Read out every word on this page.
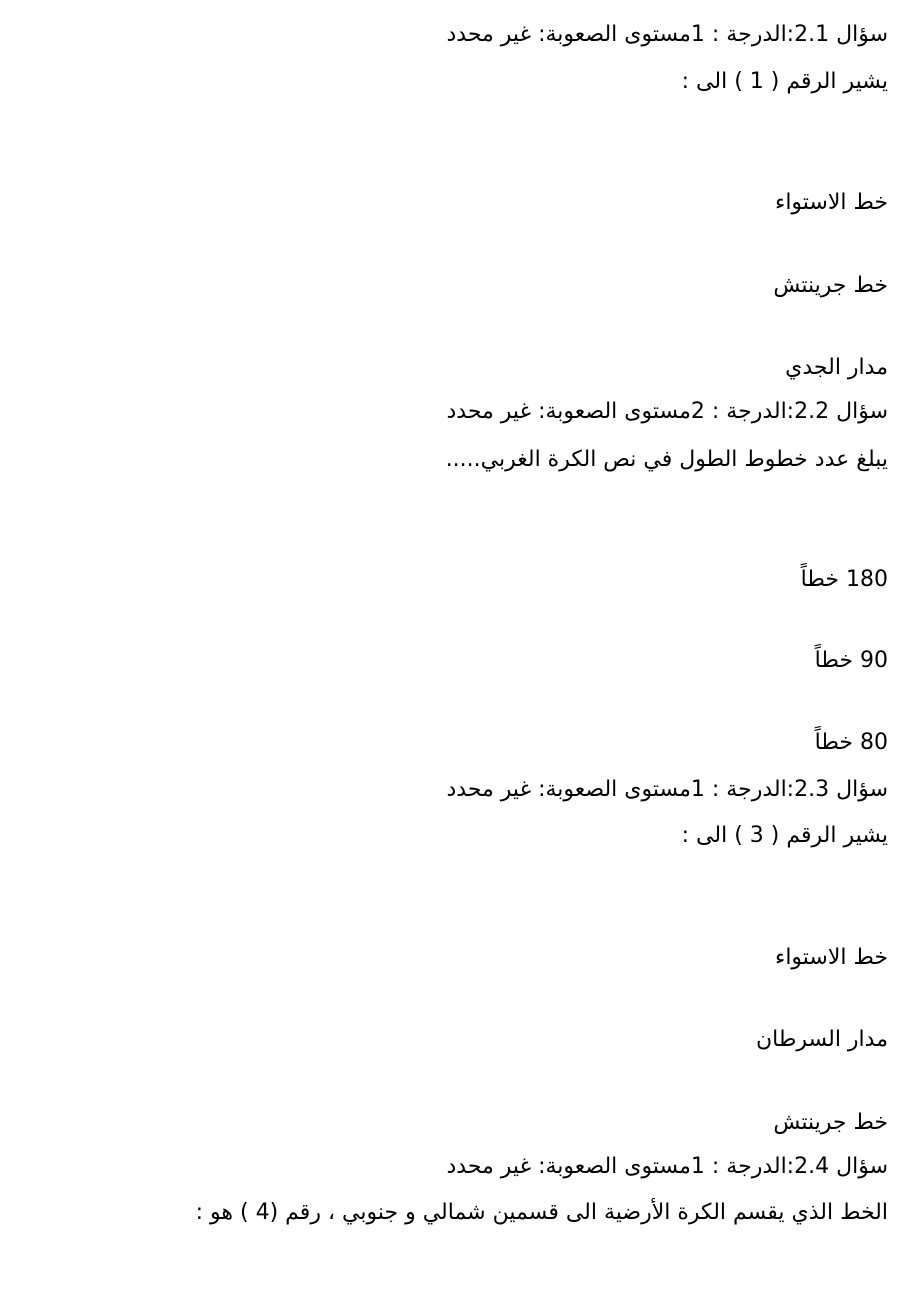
سؤال 2.1:الدرجة : 1مستوى الصعوبة: غير محدد
يشير الرقم ( 1 ) الى :
خط الاستواء
خط جرينتش
مدار الجدي
سؤال 2.2:الدرجة : 2مستوى الصعوبة: غير محدد
يبلغ عدد خطوط الطول في نص الكرة الغربي.....
180 خطاً
90 خطاً
80 خطاً
سؤال 2.3:الدرجة : 1مستوى الصعوبة: غير محدد
يشير الرقم ( 3 ) الى :
خط الاستواء
مدار السرطان
خط جرينتش
سؤال 2.4:الدرجة : 1مستوى الصعوبة: غير محدد
الخط الذي يقسم الكرة الأرضية الى قسمين شمالي و جنوبي ، رقم (4 ) هو :
